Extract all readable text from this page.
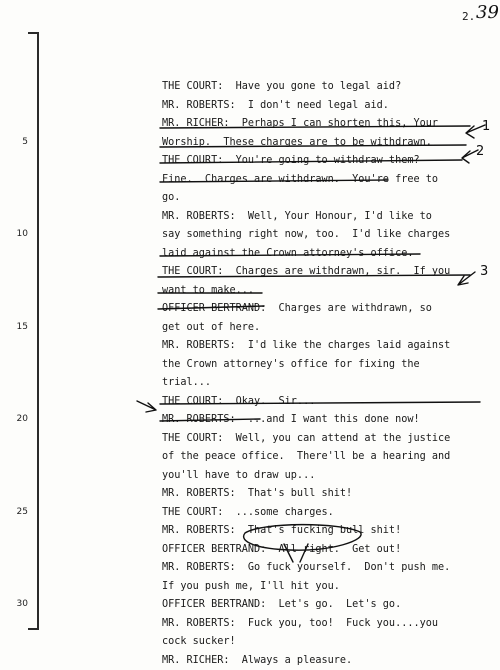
2. 39
5
10
15
20
25
30
THE COURT:  Have you gone to legal aid?
MR. ROBERTS:  I don't need legal aid.
MR. RICHER:  Perhaps I can shorten this, Your
Worship.  These charges are to be withdrawn.
THE COURT:  You're going to withdraw them?
Fine.  Charges are withdrawn.  You're free to
go.
MR. ROBERTS:  Well, Your Honour, I'd like to
say something right now, too.  I'd like charges
laid against the Crown attorney's office.
THE COURT:  Charges are withdrawn, sir.  If you
want to make...
OFFICER BERTRAND:  Charges are withdrawn, so
get out of here.
MR. ROBERTS:  I'd like the charges laid against
the Crown attorney's office for fixing the
trial...
THE COURT:  Okay.  Sir...
MR. ROBERTS:  ...and I want this done now!
THE COURT:  Well, you can attend at the justice
of the peace office.  There'll be a hearing and
you'll have to draw up...
MR. ROBERTS:  That's bull shit!
THE COURT:  ...some charges.
MR. ROBERTS:  That's fucking bull shit!
OFFICER BERTRAND:  All right.  Get out!
MR. ROBERTS:  Go fuck yourself.  Don't push me.
If you push me, I'll hit you.
OFFICER BERTRAND:  Let's go.  Let's go.
MR. ROBERTS:  Fuck you, too!  Fuck you....you
cock sucker!
MR. RICHER:  Always a pleasure.
1
2
3
